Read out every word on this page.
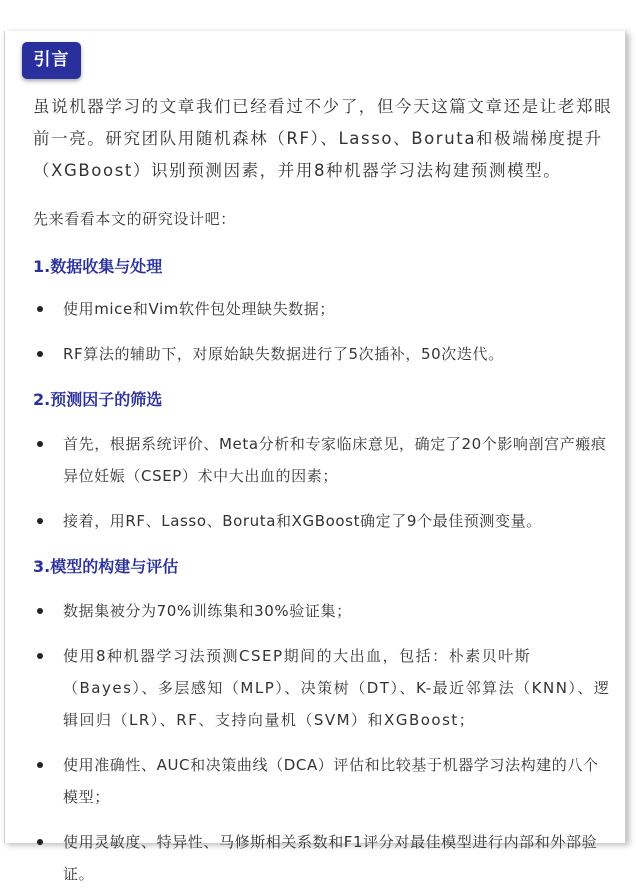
引言

虽说机器学习的文章我们已经看过不少了，但今天这篇文章还是让老郑眼前一亮。研究团队用随机森林（RF）、Lasso、Boruta和极端梯度提升（XGBoost）识别预测因素，并用8种机器学习法构建预测模型。

先来看看本文的研究设计吧：

1.数据收集与处理
使用mice和Vim软件包处理缺失数据；
RF算法的辅助下，对原始缺失数据进行了5次插补，50次迭代。
2.预测因子的筛选
首先，根据系统评价、Meta分析和专家临床意见，确定了20个影响剖宫产瘢痕异位妊娠（CSEP）术中大出血的因素；
接着，用RF、Lasso、Boruta和XGBoost确定了9个最佳预测变量。
3.模型的构建与评估
数据集被分为70%训练集和30%验证集；
使用8种机器学习法预测CSEP期间的大出血，包括：朴素贝叶斯（Bayes）、多层感知（MLP）、决策树（DT）、K-最近邻算法（KNN）、逻辑回归（LR）、RF、支持向量机（SVM）和XGBoost；
使用准确性、AUC和决策曲线（DCA）评估和比较基于机器学习法构建的八个模型；
使用灵敏度、特异性、马修斯相关系数和F1评分对最佳模型进行内部和外部验证。
